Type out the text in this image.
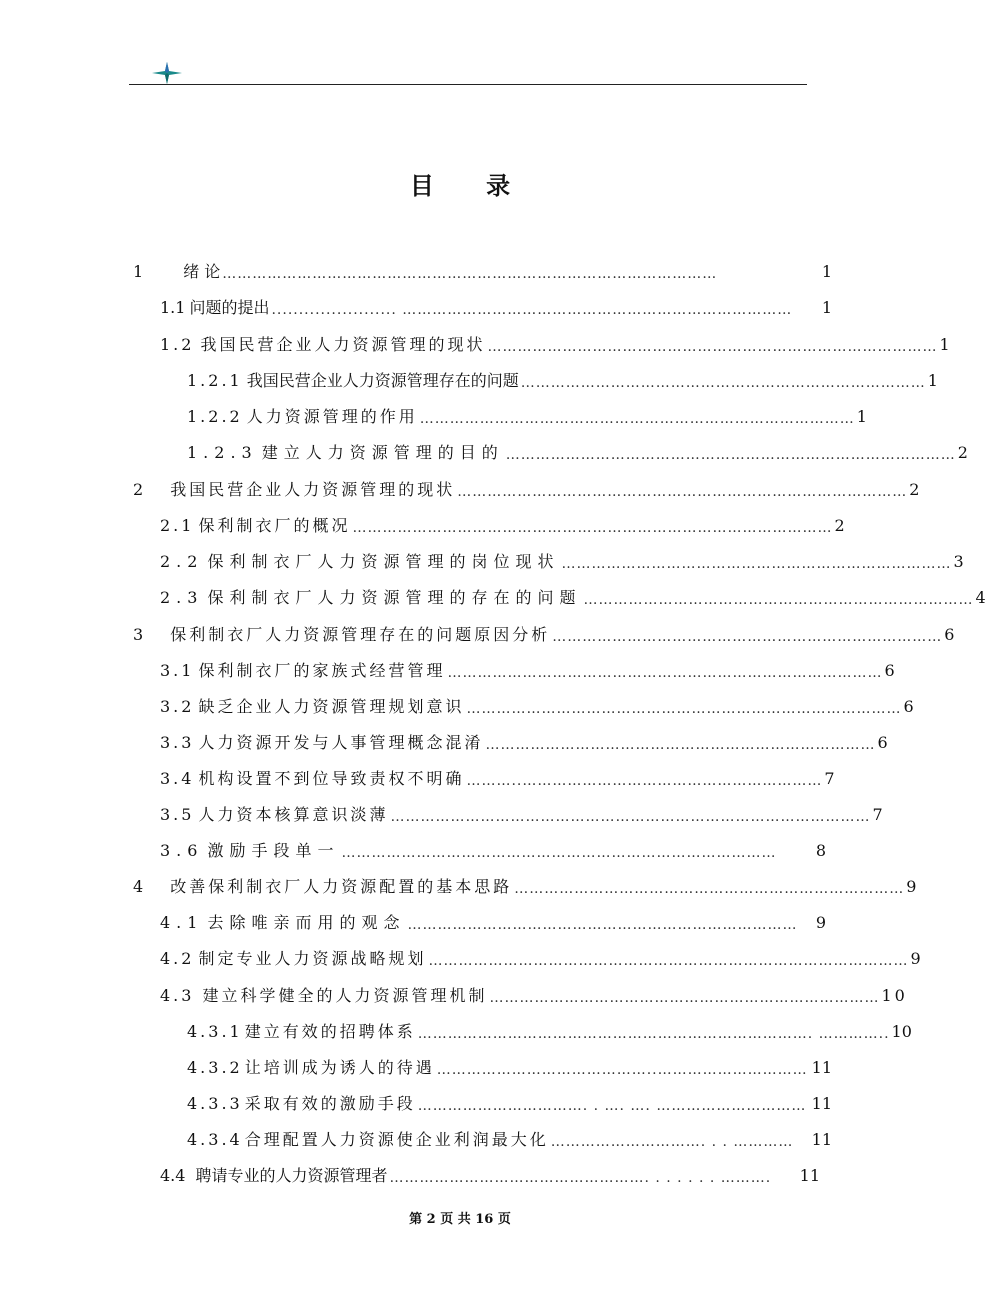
目 录
1	绪 论 ………………………………………………………………………………………	1
1.1 问题的提出 ....................... ……………………………………………………………………	1
1.2 我国民营企业人力资源管理的现状 ……………………………………………………………………………… 1
1.2.1 我国民营企业人力资源管理存在的问题 ……………………………………………………………………… 1
1.2.2 人力资源管理的作用 …………………………………………………………………………… 1
1.2.3 建立人力资源管理的目的 ……………………………………………………………………………… 2
2 我国民营企业人力资源管理的现状 ……………………………………………………………………………… 2
2.1 保利制衣厂的概况 …………………………………………………………………………………… 2
2.2 保利制衣厂人力资源管理的岗位现状 …………………………………………………………………… 3
2.3 保利制衣厂人力资源管理的存在的问题 …………………………………………………………………… 4
3 保利制衣厂人力资源管理存在的问题原因分析 …………………………………………………………………… 6
3.1 保利制衣厂的家族式经营管理 …………………………………………………………………………… 6
3.2 缺乏企业人力资源管理规划意识 …………………………………………………………………………… 6
3.3 人力资源开发与人事管理概念混淆 …………………………………………………………………… 6
3.4 机构设置不到位导致责权不明确 ………..…………………………………………………… 7
3.5 人力资本核算意识淡薄 …………………………………………………………………………………… 7
3.6 激励手段单一 ……………………………………………………………………………	8
4 改善保利制衣厂人力资源配置的基本思路 …………………………………………………………………… 9
4.1 去除唯亲而用的观念 ……………………………………………………………………	9
4.2 制定专业人力资源战略规划 …………………………………………………………………………………… 9
4.3 建立科学健全的人力资源管理机制 …………………………………………………………………… 10
4.3.1 建立有效的招聘体系 ……………………………………………………………………. ………….. 10
4.3.2 让培训成为诱人的待遇 ……………………………………..………………………… 11
4.3.3 采取有效的激励手段 ……………………………. . …. …. ………………………… 11
4.3.4 合理配置人力资源使企业利润最大化 …………………………. . . …………	11
4.4 聘请专业的人力资源管理者 ……………………………………………. . . . . . . ……….	11
第 2 页 共 16 页
